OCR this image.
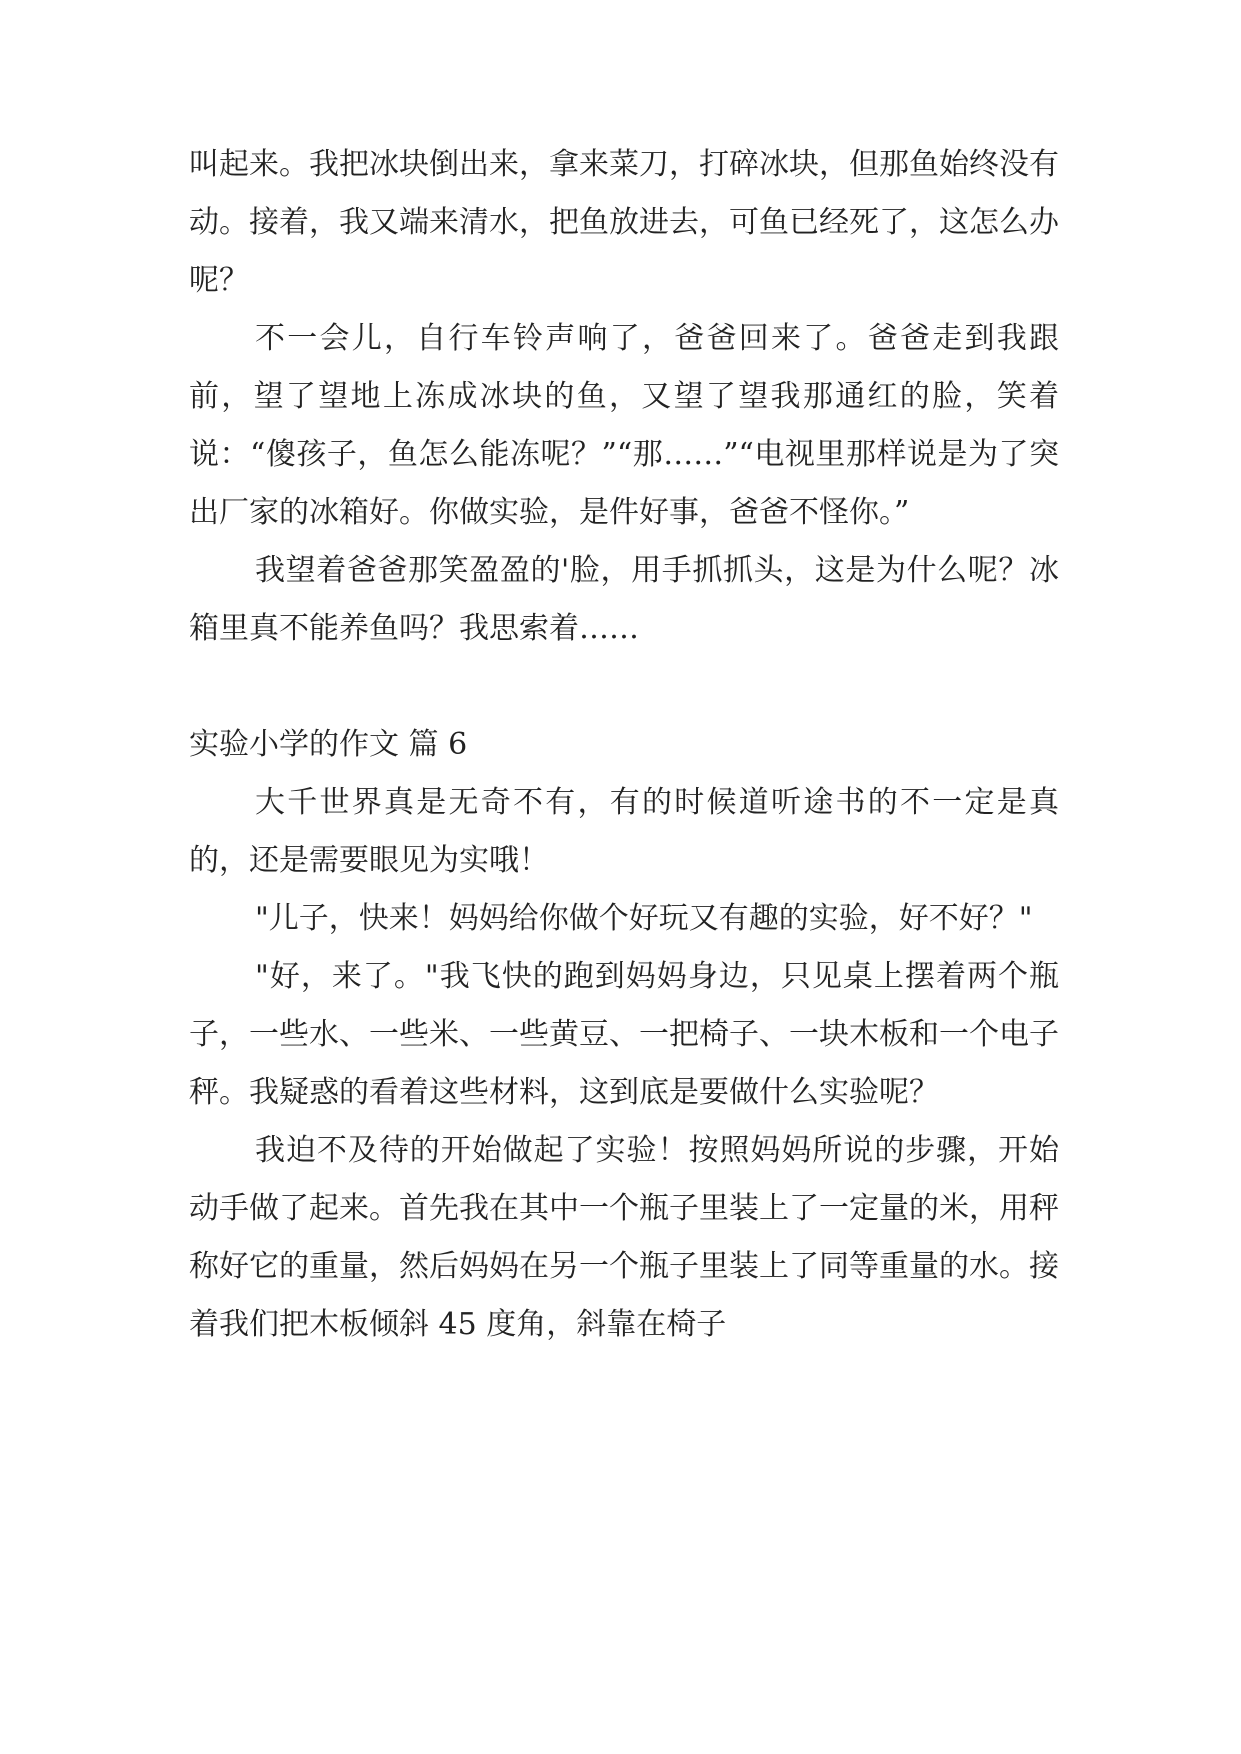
叫起来。我把冰块倒出来，拿来菜刀，打碎冰块，但那鱼始终没有动。接着，我又端来清水，把鱼放进去，可鱼已经死了，这怎么办呢？

不一会儿，自行车铃声响了，爸爸回来了。爸爸走到我跟前，望了望地上冻成冰块的鱼，又望了望我那通红的脸，笑着说：“傻孩子，鱼怎么能冻呢？”“那……”“电视里那样说是为了突出厂家的冰箱好。你做实验，是件好事，爸爸不怪你。”

我望着爸爸那笑盈盈的'脸，用手抓抓头，这是为什么呢？冰箱里真不能养鱼吗？我思索着……

实验小学的作文 篇 6

大千世界真是无奇不有，有的时候道听途书的不一定是真的，还是需要眼见为实哦！

"儿子，快来！妈妈给你做个好玩又有趣的实验，好不好？"

"好，来了。"我飞快的跑到妈妈身边，只见桌上摆着两个瓶子，一些水、一些米、一些黄豆、一把椅子、一块木板和一个电子秤。我疑惑的看着这些材料，这到底是要做什么实验呢？

我迫不及待的开始做起了实验！按照妈妈所说的步骤，开始动手做了起来。首先我在其中一个瓶子里装上了一定量的米，用秤称好它的重量，然后妈妈在另一个瓶子里装上了同等重量的水。接着我们把木板倾斜 45 度角，斜靠在椅子
